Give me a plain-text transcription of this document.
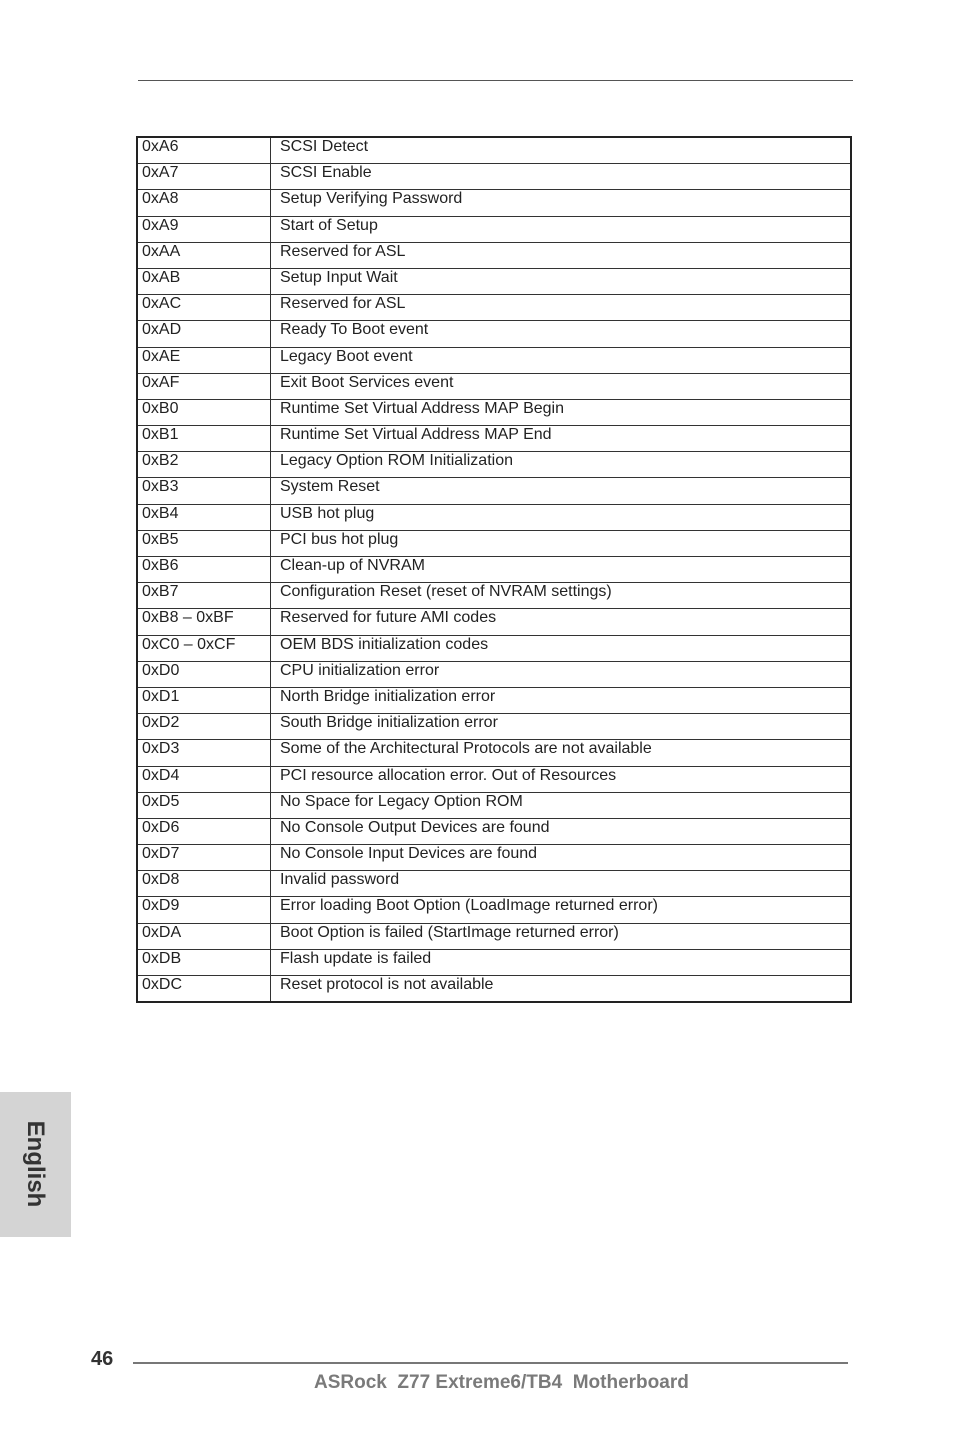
0xA6	SCSI Detect
0xA7	SCSI Enable
0xA8	Setup Verifying Password
0xA9	Start of Setup
0xAA	Reserved for ASL
0xAB	Setup Input Wait
0xAC	Reserved for ASL
0xAD	Ready To Boot event
0xAE	Legacy Boot event
0xAF	Exit Boot Services event
0xB0	Runtime Set Virtual Address MAP Begin
0xB1	Runtime Set Virtual Address MAP End
0xB2	Legacy Option ROM Initialization
0xB3	System Reset
0xB4	USB hot plug
0xB5	PCI bus hot plug
0xB6	Clean-up of NVRAM
0xB7	Configuration Reset (reset of NVRAM settings)
0xB8 – 0xBF	Reserved for future AMI codes
0xC0 – 0xCF	OEM BDS initialization codes
0xD0	CPU initialization error
0xD1	North Bridge initialization error
0xD2	South Bridge initialization error
0xD3	Some of the Architectural Protocols are not available
0xD4	PCI resource allocation error. Out of Resources
0xD5	No Space for Legacy Option ROM
0xD6	No Console Output Devices are found
0xD7	No Console Input Devices are found
0xD8	Invalid password
0xD9	Error loading Boot Option (LoadImage returned error)
0xDA	Boot Option is failed (StartImage returned error)
0xDB	Flash update is failed
0xDC	Reset protocol is not available
English
46
ASRock  Z77 Extreme6/TB4  Motherboard
